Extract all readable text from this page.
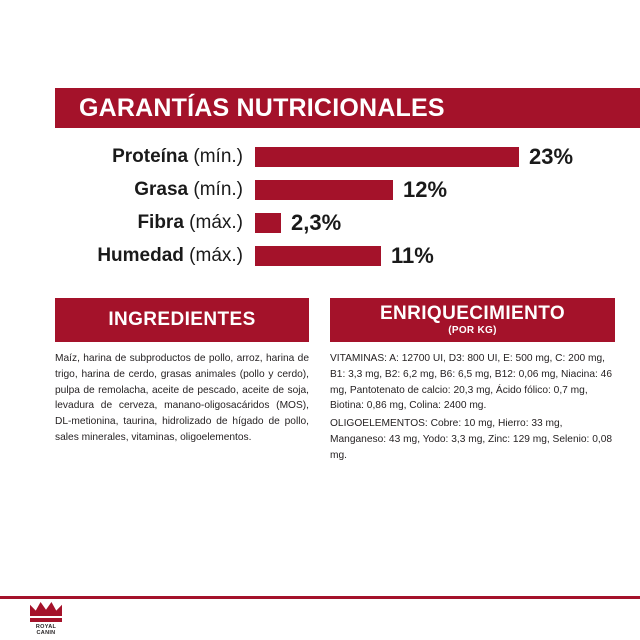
GARANTÍAS NUTRICIONALES
Proteína (mín.)	23%
Grasa (mín.)	12%
Fibra (máx.)	2,3%
Humedad (máx.)	11%
INGREDIENTES

Maíz, harina de subproductos de pollo, arroz, harina de trigo, harina de cerdo, grasas animales (pollo y cerdo), pulpa de remolacha, aceite de pescado, aceite de soja, levadura de cerveza, manano-oligosacáridos (MOS), DL-metionina, taurina, hidrolizado de hígado de pollo, sales minerales, vitaminas, oligoelementos.

ENRIQUECIMIENTO
(POR KG)

VITAMINAS: A: 12700 UI, D3: 800 UI, E: 500 mg, C: 200 mg, B1: 3,3 mg, B2: 6,2 mg, B6: 6,5 mg, B12: 0,06 mg, Niacina: 46 mg, Pantotenato de calcio: 20,3 mg, Ácido fólico: 0,7 mg, Biotina: 0,86 mg, Colina: 2400 mg.

OLIGOELEMENTOS: Cobre: 10 mg, Hierro: 33 mg, Manganeso: 43 mg, Yodo: 3,3 mg, Zinc: 129 mg, Selenio: 0,08 mg.

ROYAL CANIN
